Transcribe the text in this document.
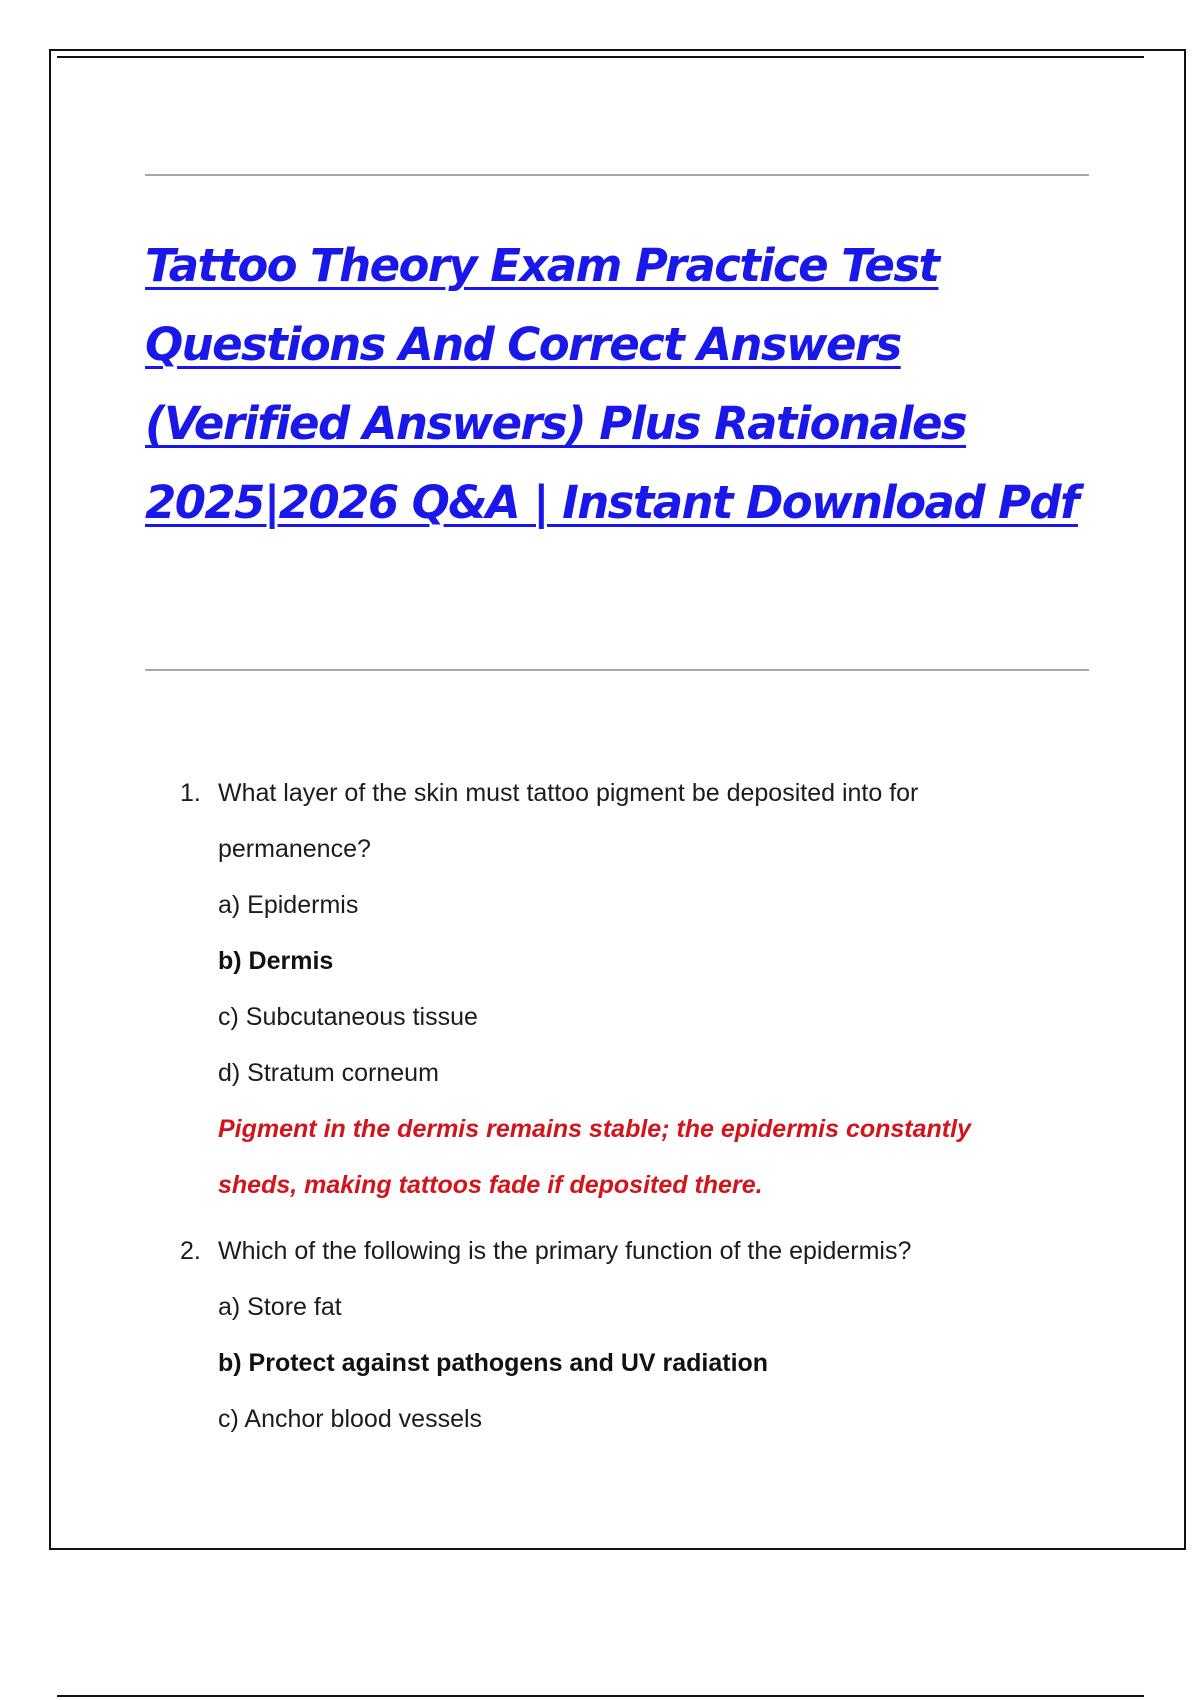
Tattoo Theory Exam Practice Test
Questions And Correct Answers
(Verified Answers) Plus Rationales
2025|2026 Q&A | Instant Download Pdf
1. What layer of the skin must tattoo pigment be deposited into for
permanence?
a) Epidermis
b) Dermis
c) Subcutaneous tissue
d) Stratum corneum
Pigment in the dermis remains stable; the epidermis constantly
sheds, making tattoos fade if deposited there.
2. Which of the following is the primary function of the epidermis?
a) Store fat
b) Protect against pathogens and UV radiation
c) Anchor blood vessels
